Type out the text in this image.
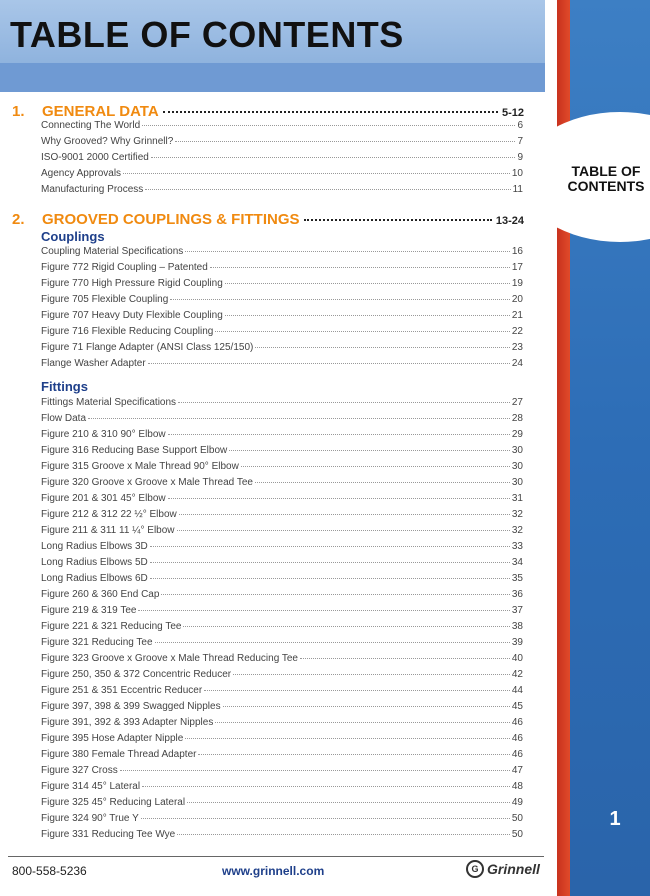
TABLE OF CONTENTS
TABLE OF
CONTENTS
1
1.	GENERAL DATA	5-12
Connecting The World	6
Why Grooved? Why Grinnell?	7
ISO-9001 2000 Certified	9
Agency Approvals	10
Manufacturing Process	11
2.	GROOVED COUPLINGS & FITTINGS	13-24
Couplings
Coupling Material Specifications	16
Figure 772 Rigid Coupling – Patented	17
Figure 770 High Pressure Rigid Coupling	19
Figure 705 Flexible Coupling	20
Figure 707 Heavy Duty Flexible Coupling	21
Figure 716 Flexible Reducing Coupling	22
Figure 71 Flange Adapter (ANSI Class 125/150)	23
Flange Washer Adapter	24
Fittings
Fittings Material Specifications	27
Flow Data	28
Figure 210 & 310 90° Elbow	29
Figure 316 Reducing Base Support Elbow	30
Figure 315 Groove x Male Thread 90° Elbow	30
Figure 320 Groove x Groove x Male Thread Tee	30
Figure 201 & 301 45° Elbow	31
Figure 212 & 312 22 ½° Elbow	32
Figure 211 & 311 11 ¼° Elbow	32
Long Radius Elbows 3D	33
Long Radius Elbows 5D	34
Long Radius Elbows 6D	35
Figure 260 & 360 End Cap	36
Figure 219 & 319 Tee	37
Figure 221 & 321 Reducing Tee	38
Figure 321 Reducing Tee	39
Figure 323 Groove x Groove x Male Thread Reducing Tee	40
Figure 250, 350 & 372 Concentric Reducer	42
Figure 251 & 351 Eccentric Reducer	44
Figure 397, 398 & 399 Swagged Nipples	45
Figure 391, 392 & 393 Adapter Nipples	46
Figure 395 Hose Adapter Nipple	46
Figure 380 Female Thread Adapter	46
Figure 327 Cross	47
Figure 314 45° Lateral	48
Figure 325 45° Reducing Lateral	49
Figure 324 90° True Y	50
Figure 331 Reducing Tee Wye	50
800-558-5236	www.grinnell.com	G Grinnell
